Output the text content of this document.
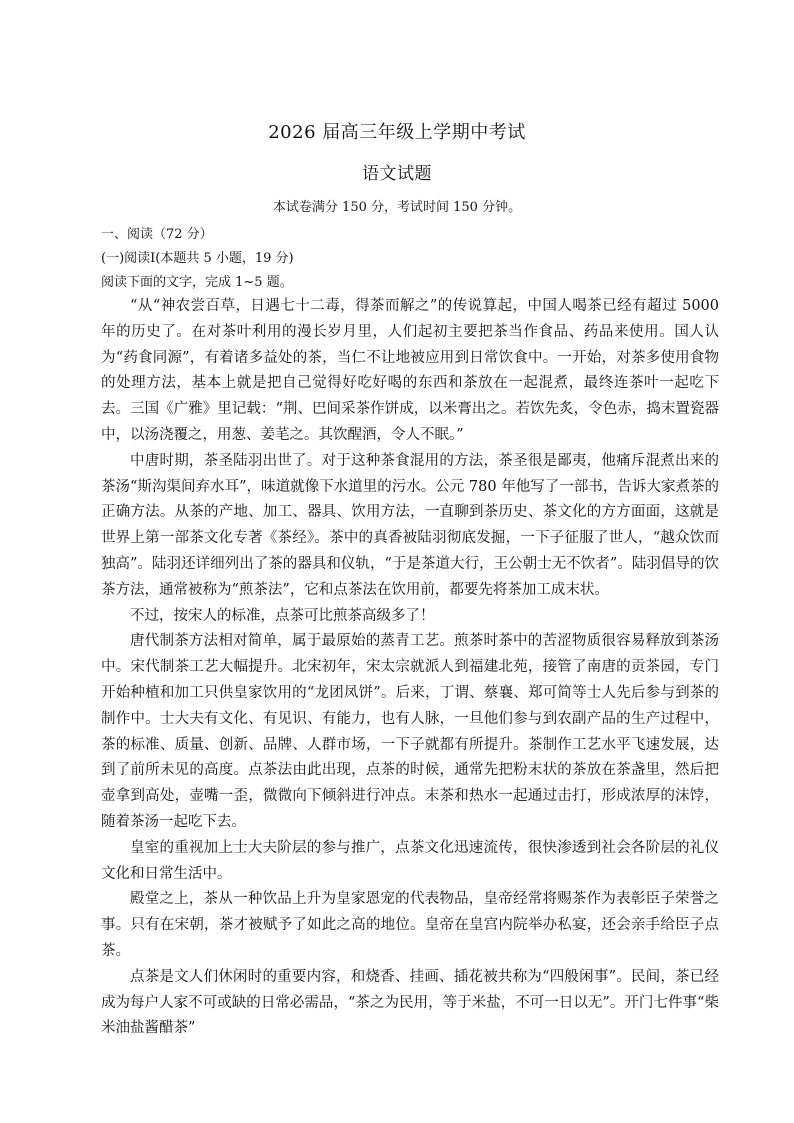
2026 届高三年级上学期中考试
语文试题
本试卷满分 150 分，考试时间 150 分钟。
一、阅读（72 分）
(一)阅读Ⅰ(本题共 5 小题，19 分)
阅读下面的文字，完成 1~5 题。

“从“神农尝百草，日遇七十二毒，得茶而解之”的传说算起，中国人喝茶已经有超过 5000 年的历史了。在对茶叶利用的漫长岁月里，人们起初主要把茶当作食品、药品来使用。国人认为“药食同源”，有着诸多益处的茶，当仁不让地被应用到日常饮食中。一开始，对茶多使用食物的处理方法，基本上就是把自己觉得好吃好喝的东西和茶放在一起混煮，最终连茶叶一起吃下去。三国《广雅》里记载：“荆、巴间采茶作饼成，以米膏出之。若饮先炙，令色赤，捣末置瓷器中，以汤浇覆之，用葱、姜芼之。其饮醒酒，令人不眠。”

中唐时期，茶圣陆羽出世了。对于这种茶食混用的方法，茶圣很是鄙夷，他痛斥混煮出来的茶汤“斯沟渠间弃水耳”，味道就像下水道里的污水。公元 780 年他写了一部书，告诉大家煮茶的正确方法。从茶的产地、加工、器具、饮用方法，一直聊到茶历史、茶文化的方方面面，这就是世界上第一部茶文化专著《茶经》。茶中的真香被陆羽彻底发掘，一下子征服了世人，“越众饮而独高”。陆羽还详细列出了茶的器具和仪轨，“于是茶道大行，王公朝士无不饮者”。陆羽倡导的饮茶方法，通常被称为“煎茶法”，它和点茶法在饮用前，都要先将茶加工成末状。

不过，按宋人的标准，点茶可比煎茶高级多了！

唐代制茶方法相对简单，属于最原始的蒸青工艺。煎茶时茶中的苦涩物质很容易释放到茶汤中。宋代制茶工艺大幅提升。北宋初年，宋太宗就派人到福建北苑，接管了南唐的贡茶园，专门开始种植和加工只供皇家饮用的“龙团凤饼”。后来，丁谓、蔡襄、郑可简等士人先后参与到茶的制作中。士大夫有文化、有见识、有能力，也有人脉，一旦他们参与到农副产品的生产过程中，茶的标准、质量、创新、品牌、人群市场，一下子就都有所提升。茶制作工艺水平飞速发展，达到了前所未见的高度。点茶法由此出现，点茶的时候，通常先把粉末状的茶放在茶盏里，然后把壶拿到高处，壶嘴一歪，微微向下倾斜进行冲点。末茶和热水一起通过击打，形成浓厚的沫饽，随着茶汤一起吃下去。

皇室的重视加上士大夫阶层的参与推广，点茶文化迅速流传，很快渗透到社会各阶层的礼仪文化和日常生活中。

殿堂之上，茶从一种饮品上升为皇家恩宠的代表物品，皇帝经常将赐茶作为表彰臣子荣誉之事。只有在宋朝，茶才被赋予了如此之高的地位。皇帝在皇宫内院举办私宴，还会亲手给臣子点茶。

点茶是文人们休闲时的重要内容，和烧香、挂画、插花被共称为“四般闲事”。民间，茶已经成为每户人家不可或缺的日常必需品，“茶之为民用，等于米盐，不可一日以无”。开门七件事“柴米油盐酱醋茶”
